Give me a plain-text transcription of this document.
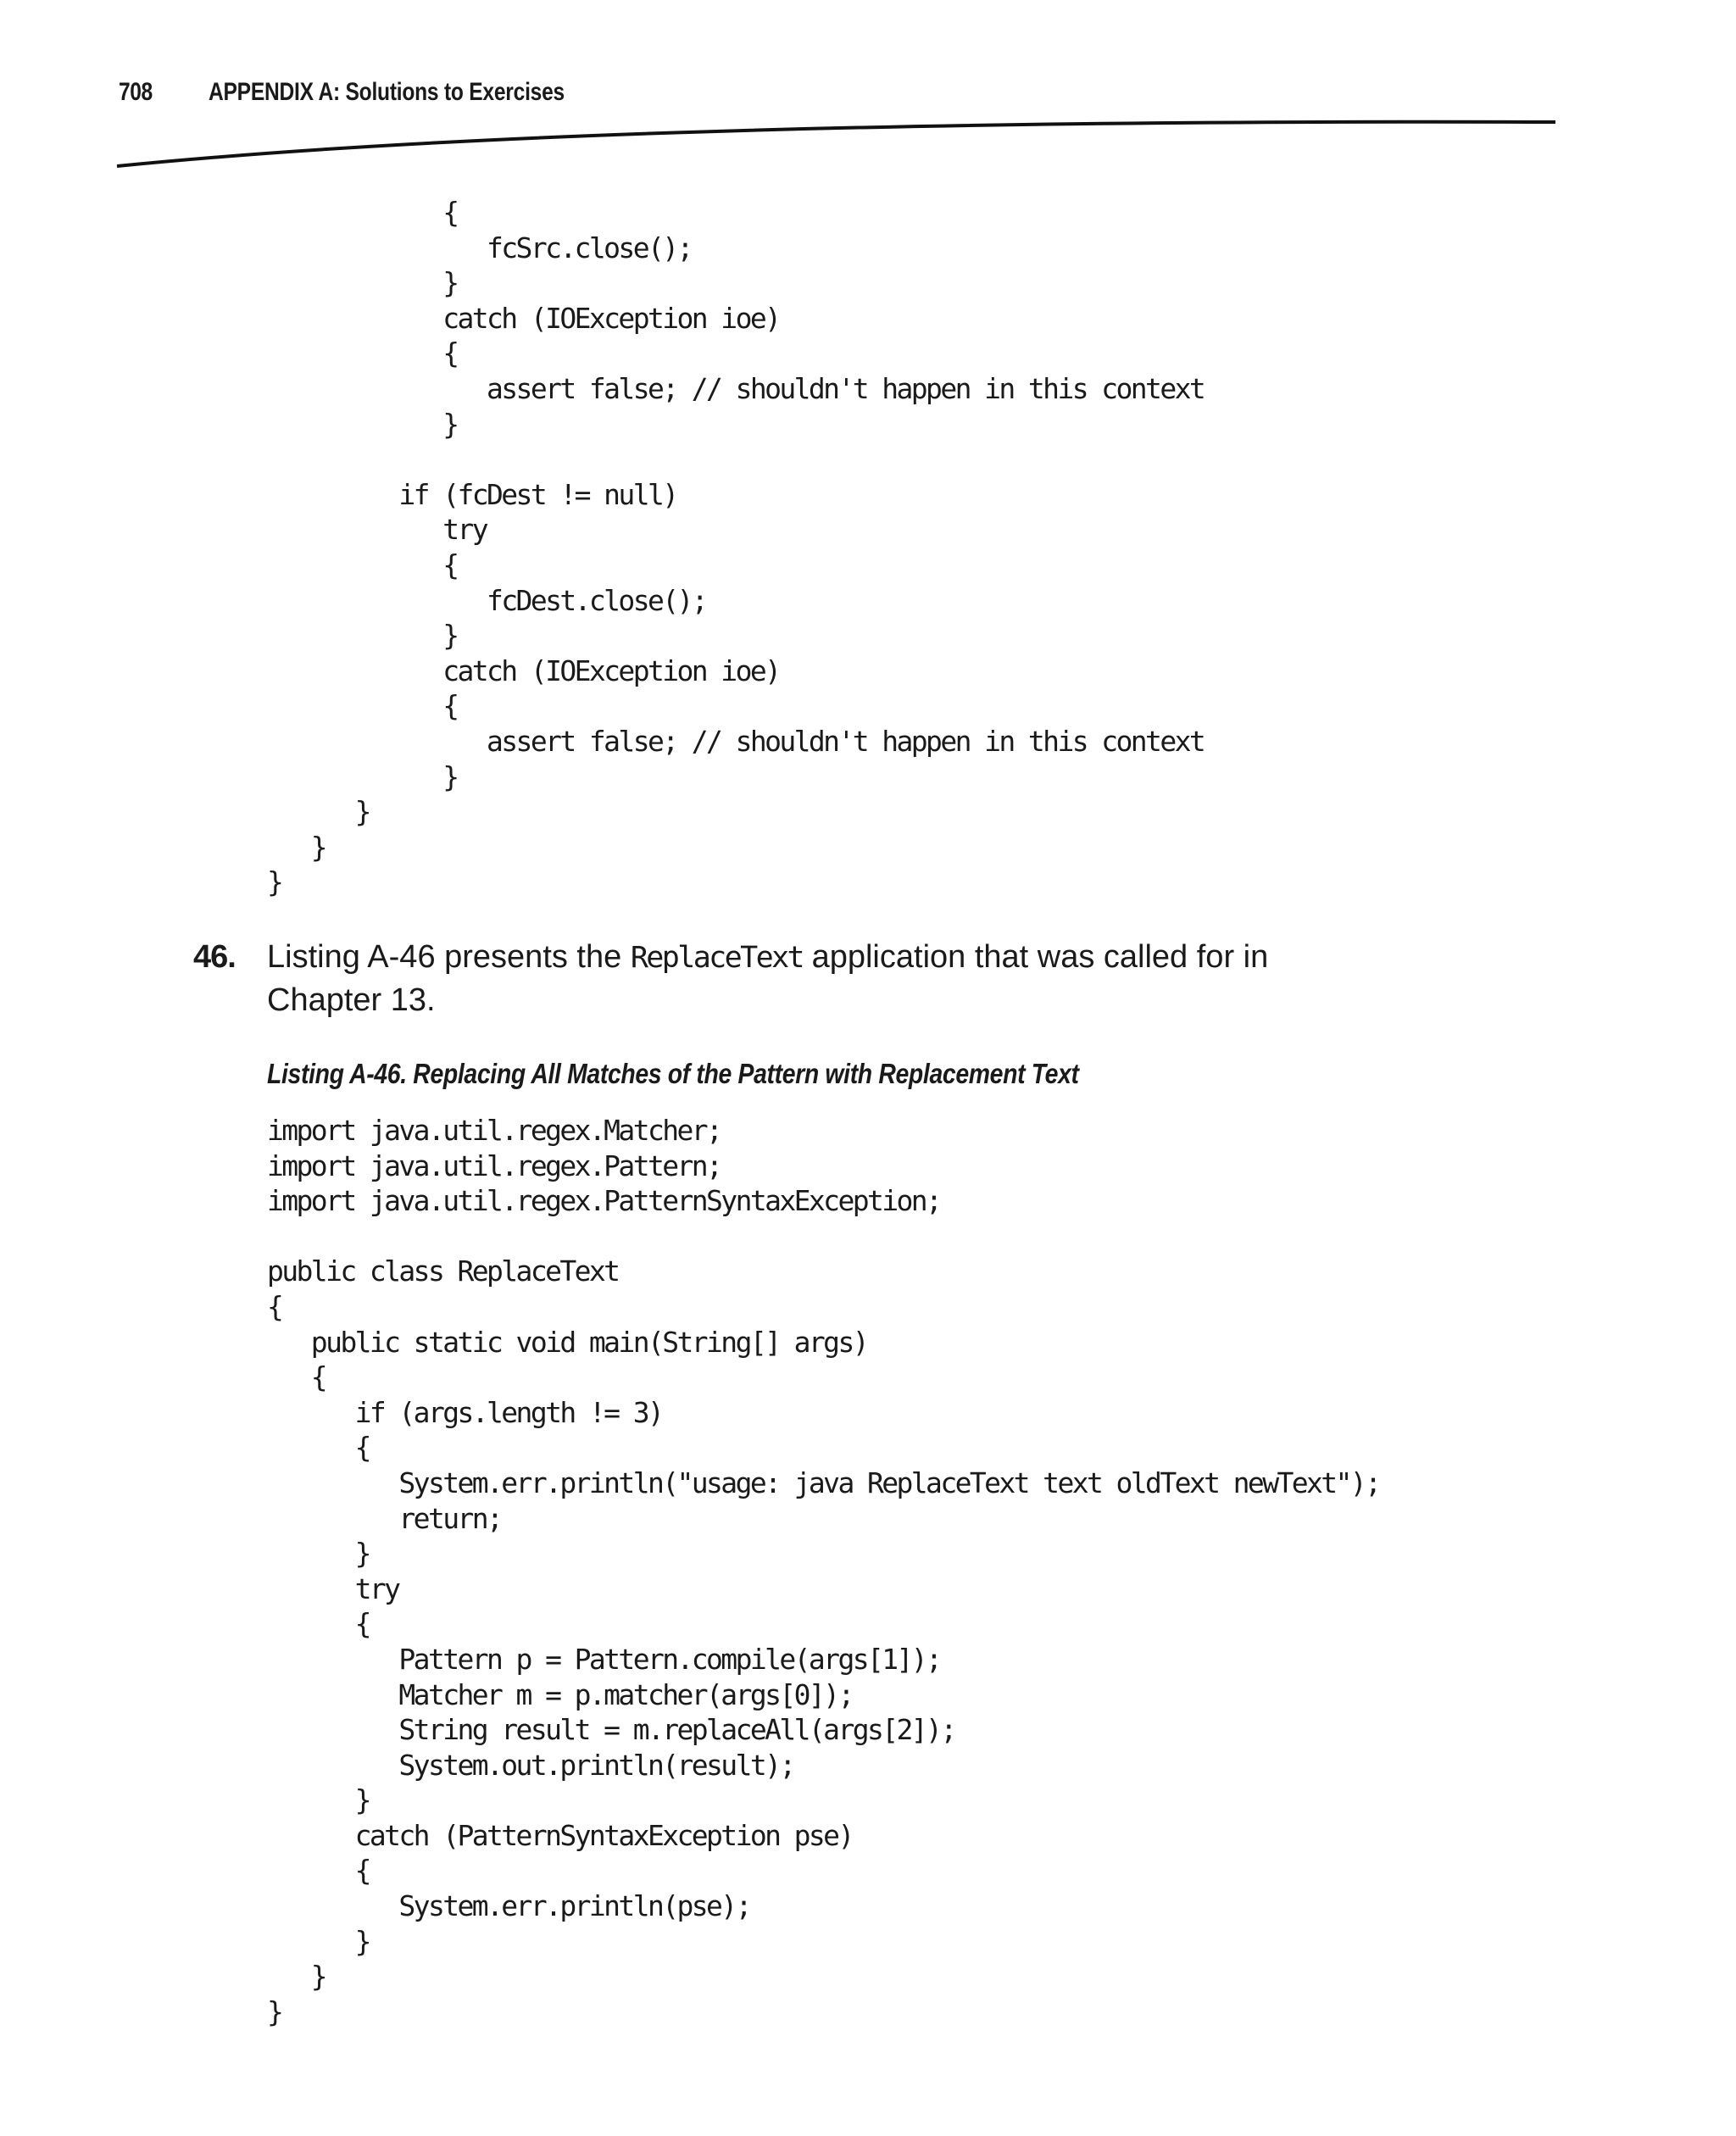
708 APPENDIX A: Solutions to Exercises
{
fcSrc.close();
}
catch (IOException ioe)
{
assert false; // shouldn't happen in this context
}

if (fcDest != null)
try
{
fcDest.close();
}
catch (IOException ioe)
{
assert false; // shouldn't happen in this context
}
}
}
}
46. Listing A-46 presents the ReplaceText application that was called for in Chapter 13.
Listing A-46. Replacing All Matches of the Pattern with Replacement Text
import java.util.regex.Matcher;
import java.util.regex.Pattern;
import java.util.regex.PatternSyntaxException;

public class ReplaceText
{
public static void main(String[] args)
{
if (args.length != 3)
{
System.err.println("usage: java ReplaceText text oldText newText");
return;
}
try
{
Pattern p = Pattern.compile(args[1]);
Matcher m = p.matcher(args[0]);
String result = m.replaceAll(args[2]);
System.out.println(result);
}
catch (PatternSyntaxException pse)
{
System.err.println(pse);
}
}
}
